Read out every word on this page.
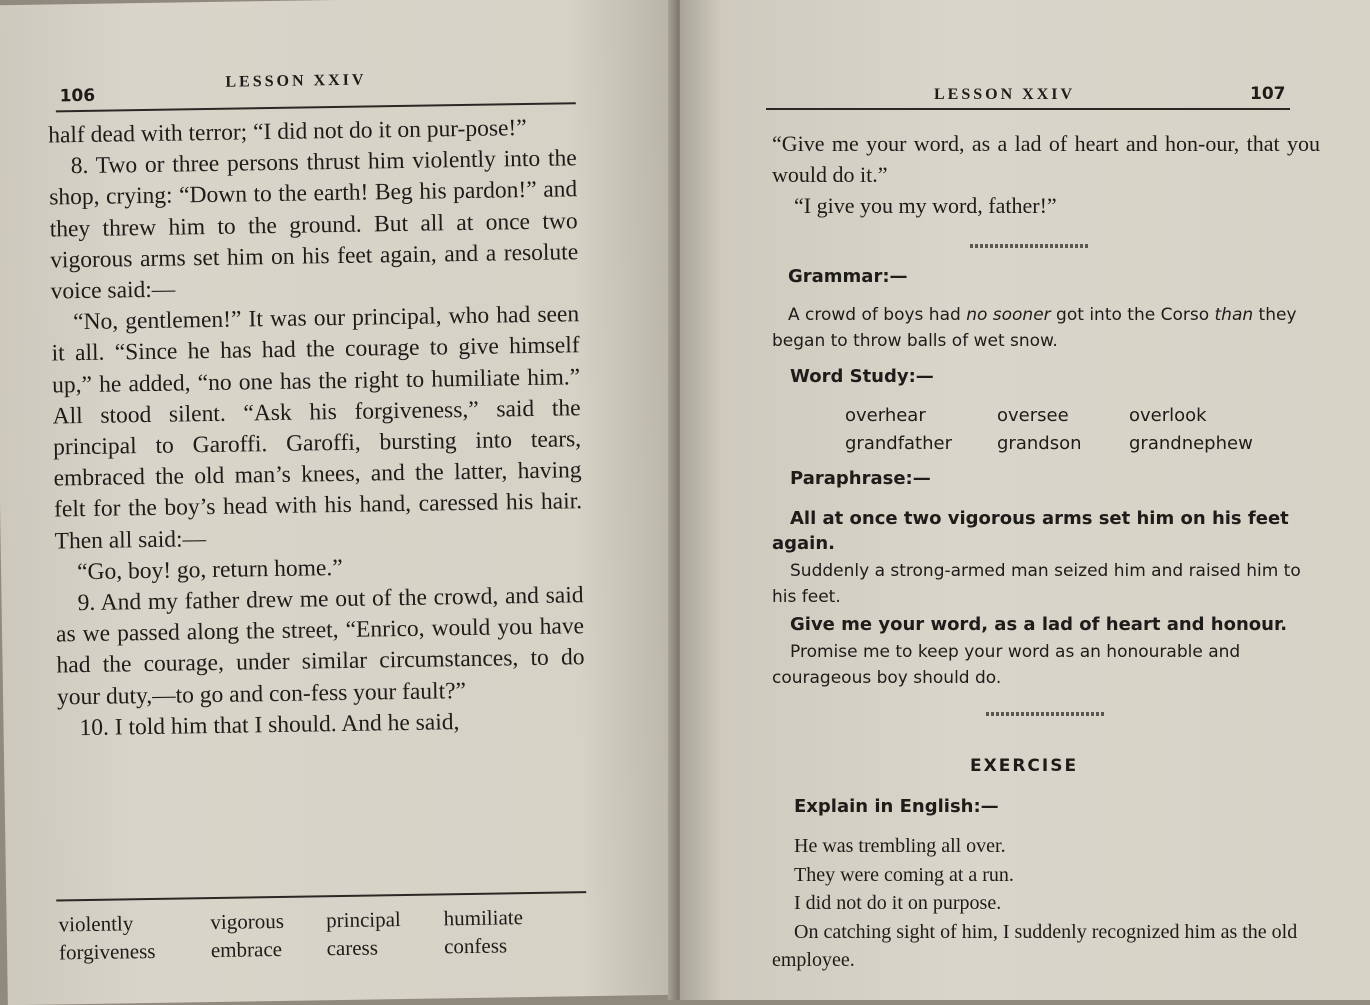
106
LESSON XXIV

half dead with terror; “I did not do it on pur-pose!”

8. Two or three persons thrust him violently into the shop, crying: “Down to the earth! Beg his pardon!” and they threw him to the ground. But all at once two vigorous arms set him on his feet again, and a resolute voice said:—

“No, gentlemen!” It was our principal, who had seen it all. “Since he has had the courage to give himself up,” he added, “no one has the right to humiliate him.” All stood silent. “Ask his forgiveness,” said the principal to Garoffi. Garoffi, bursting into tears, embraced the old man’s knees, and the latter, having felt for the boy’s head with his hand, caressed his hair. Then all said:—

“Go, boy! go, return home.”

9. And my father drew me out of the crowd, and said as we passed along the street, “Enrico, would you have had the courage, under similar circumstances, to do your duty,—to go and con-fess your fault?”

10. I told him that I should. And he said,

violently	vigorous	principal	humiliate
forgiveness	embrace	caress	confess
LESSON XXIV	107

“Give me your word, as a lad of heart and hon-our, that you would do it.”

“I give you my word, father!”

Grammar:—
A crowd of boys had no sooner got into the Corso than they began to throw balls of wet snow.
Word Study:—
overhear	oversee	overlook
grandfather	grandson	grandnephew
Paraphrase:—
All at once two vigorous arms set him on his feet again.
Suddenly a strong-armed man seized him and raised him to his feet.
Give me your word, as a lad of heart and honour.
Promise me to keep your word as an honourable and courageous boy should do.
EXERCISE
Explain in English:—
He was trembling all over.
They were coming at a run.
I did not do it on purpose.
On catching sight of him, I suddenly recognized him as the old employee.
